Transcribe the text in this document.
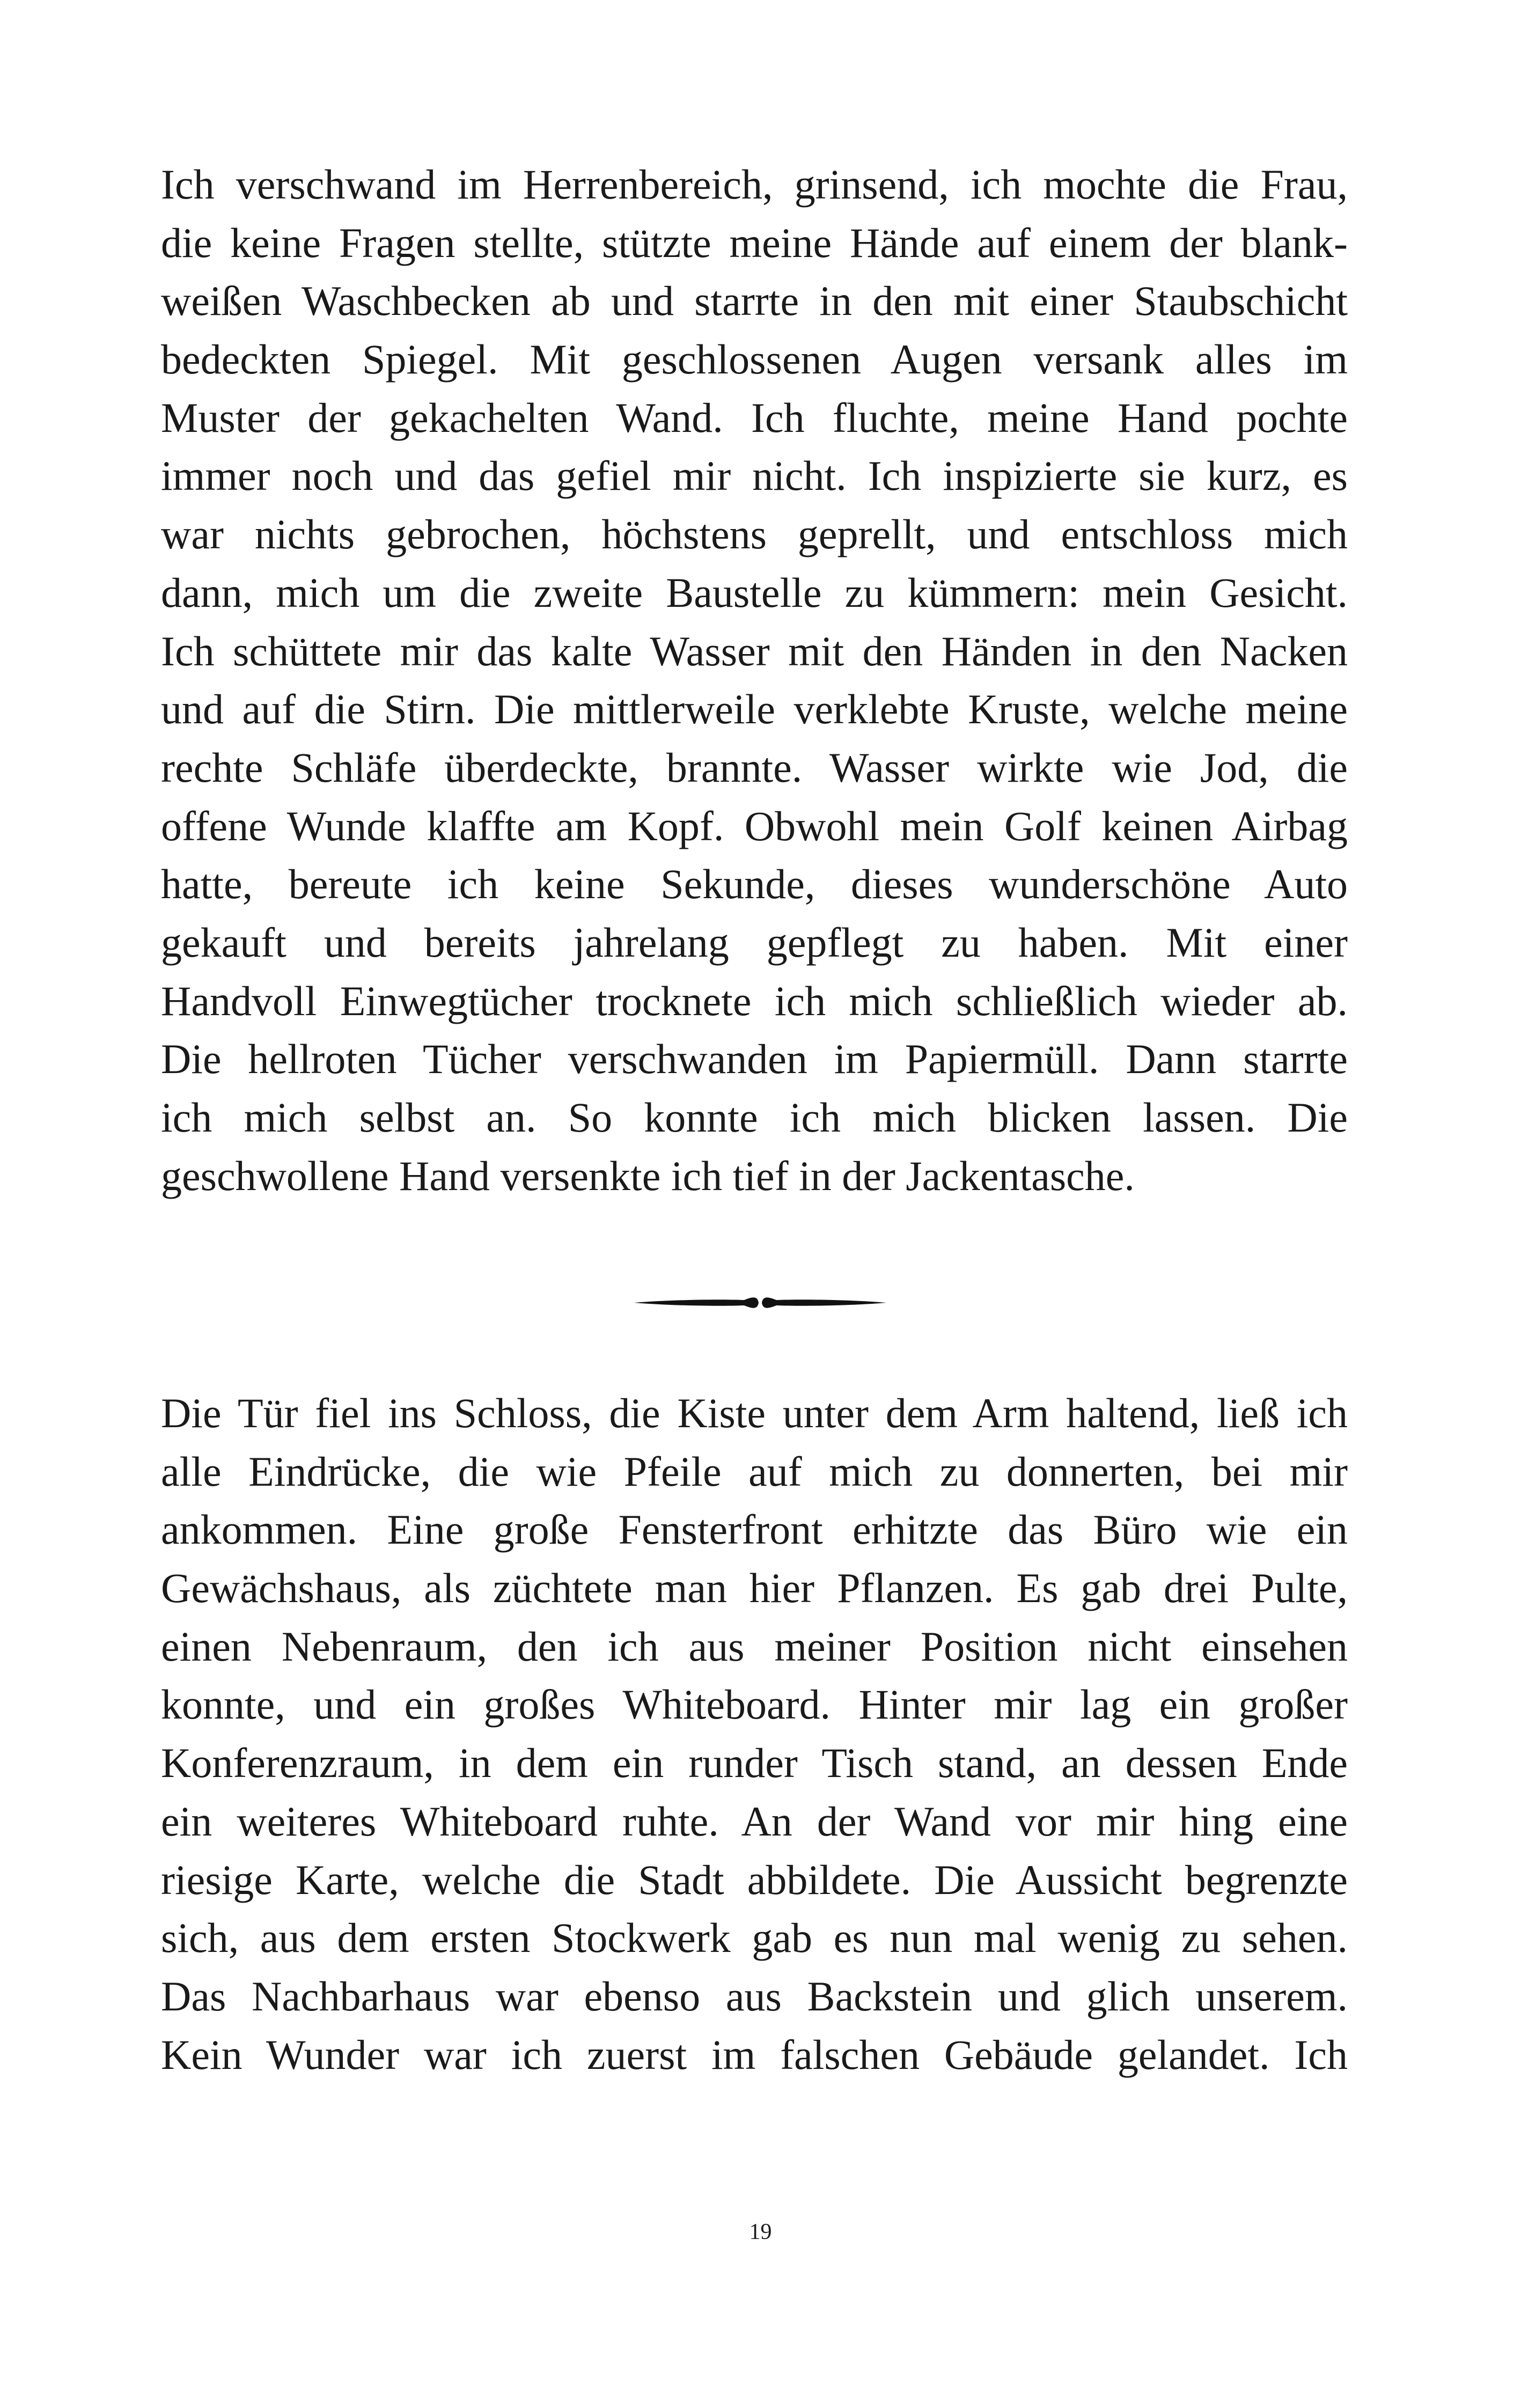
Ich verschwand im Herrenbereich, grinsend, ich mochte die Frau,
die keine Fragen stellte, stützte meine Hände auf einem der blank-
weißen Waschbecken ab und starrte in den mit einer Staubschicht
bedeckten Spiegel. Mit geschlossenen Augen versank alles im
Muster der gekachelten Wand. Ich fluchte, meine Hand pochte
immer noch und das gefiel mir nicht. Ich inspizierte sie kurz, es
war nichts gebrochen, höchstens geprellt, und entschloss mich
dann, mich um die zweite Baustelle zu kümmern: mein Gesicht.
Ich schüttete mir das kalte Wasser mit den Händen in den Nacken
und auf die Stirn. Die mittlerweile verklebte Kruste, welche meine
rechte Schläfe überdeckte, brannte. Wasser wirkte wie Jod, die
offene Wunde klaffte am Kopf. Obwohl mein Golf keinen Airbag
hatte, bereute ich keine Sekunde, dieses wunderschöne Auto
gekauft und bereits jahrelang gepflegt zu haben. Mit einer
Handvoll Einwegtücher trocknete ich mich schließlich wieder ab.
Die hellroten Tücher verschwanden im Papiermüll. Dann starrte
ich mich selbst an. So konnte ich mich blicken lassen. Die
geschwollene Hand versenkte ich tief in der Jackentasche.
Die Tür fiel ins Schloss, die Kiste unter dem Arm haltend, ließ ich
alle Eindrücke, die wie Pfeile auf mich zu donnerten, bei mir
ankommen. Eine große Fensterfront erhitzte das Büro wie ein
Gewächshaus, als züchtete man hier Pflanzen. Es gab drei Pulte,
einen Nebenraum, den ich aus meiner Position nicht einsehen
konnte, und ein großes Whiteboard. Hinter mir lag ein großer
Konferenzraum, in dem ein runder Tisch stand, an dessen Ende
ein weiteres Whiteboard ruhte. An der Wand vor mir hing eine
riesige Karte, welche die Stadt abbildete. Die Aussicht begrenzte
sich, aus dem ersten Stockwerk gab es nun mal wenig zu sehen.
Das Nachbarhaus war ebenso aus Backstein und glich unserem.
Kein Wunder war ich zuerst im falschen Gebäude gelandet. Ich
19
